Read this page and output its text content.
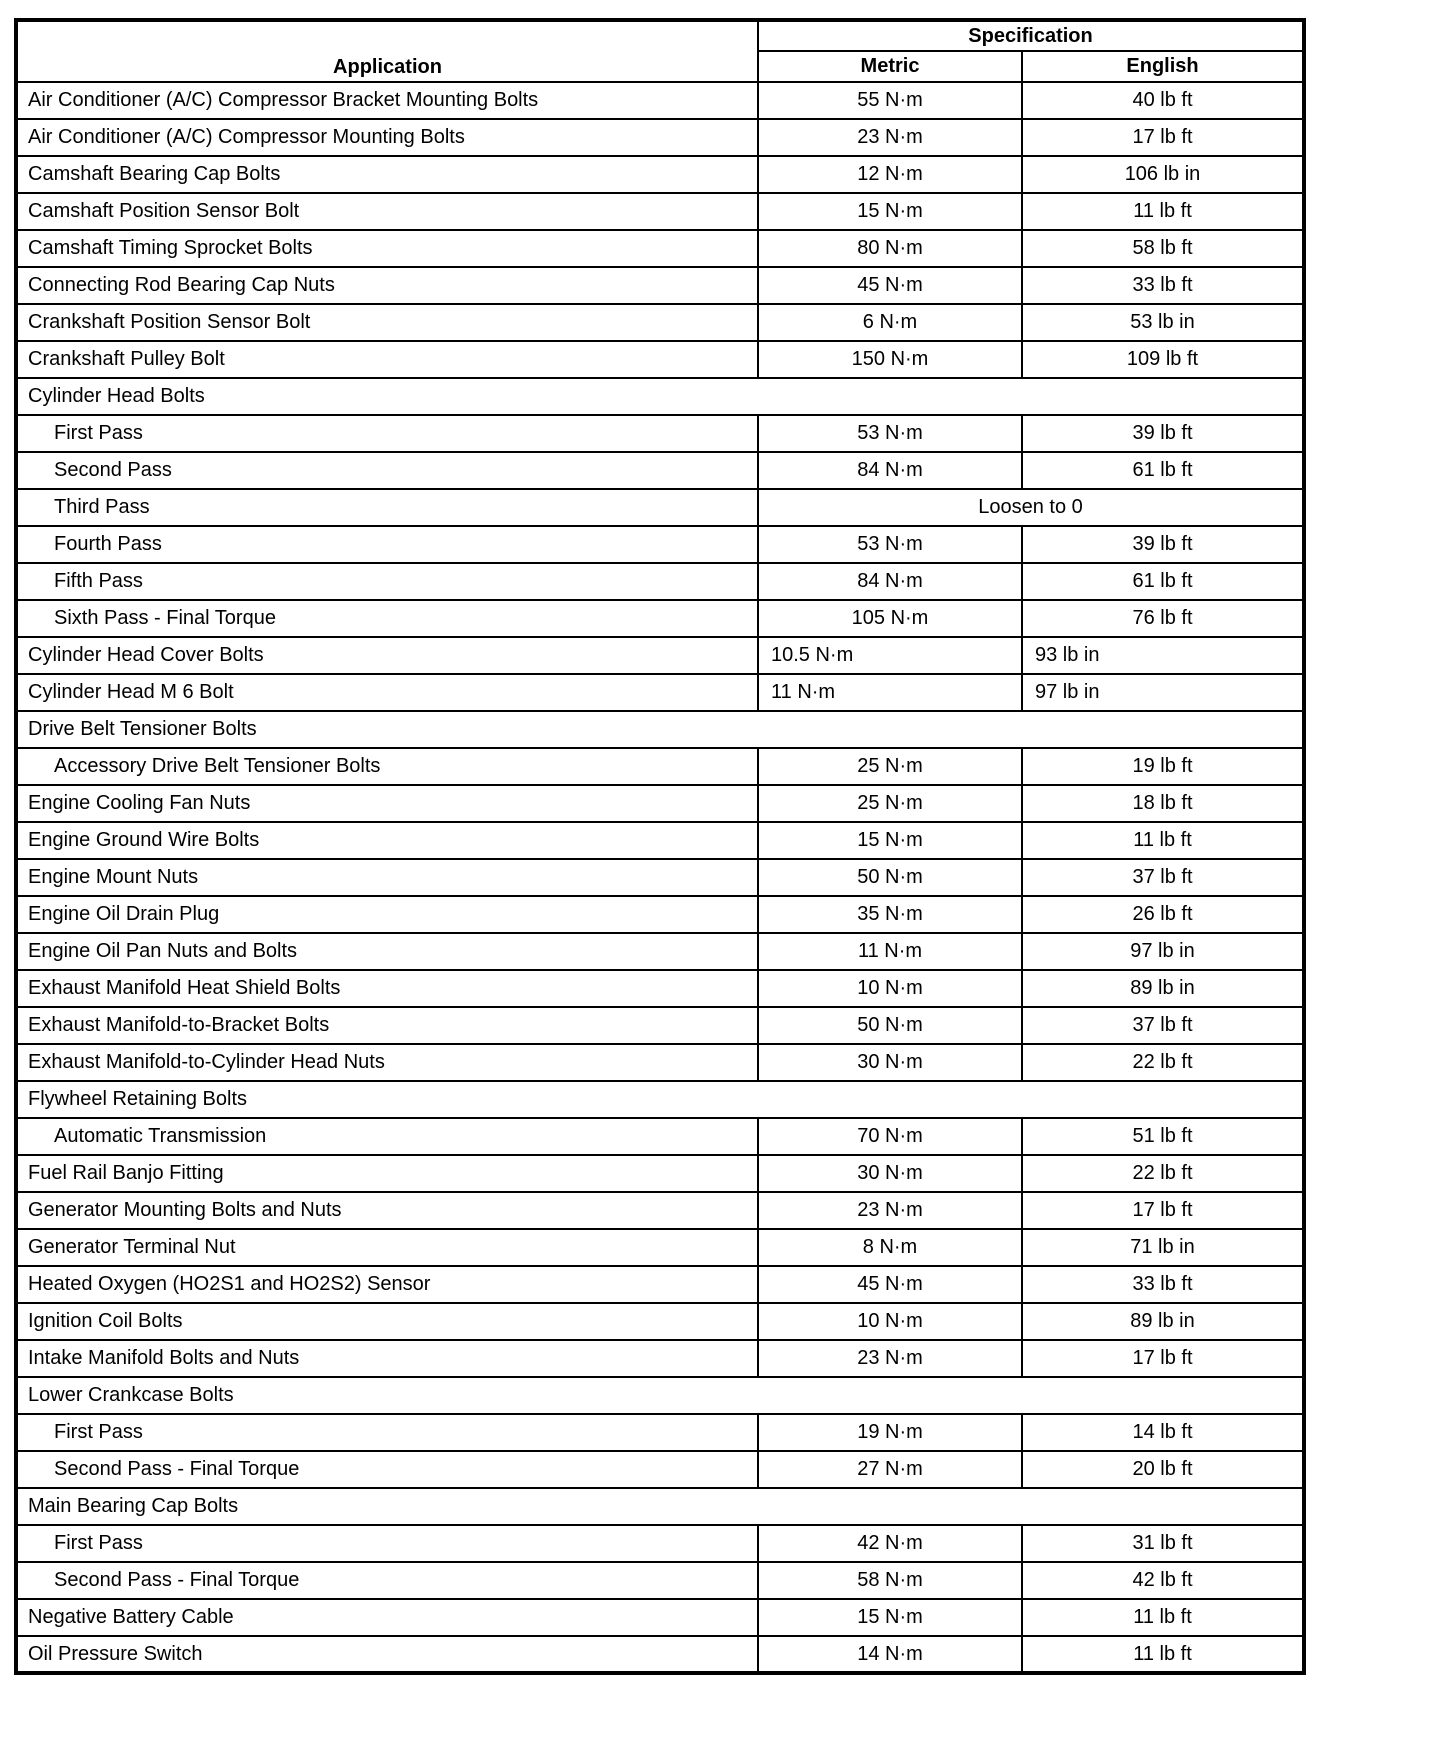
Application	Specification	
	Metric	English
Air Conditioner (A/C) Compressor Bracket Mounting Bolts	55 N·m	40 lb ft
Air Conditioner (A/C) Compressor Mounting Bolts	23 N·m	17 lb ft
Camshaft Bearing Cap Bolts	12 N·m	106 lb in
Camshaft Position Sensor Bolt	15 N·m	11 lb ft
Camshaft Timing Sprocket Bolts	80 N·m	58 lb ft
Connecting Rod Bearing Cap Nuts	45 N·m	33 lb ft
Crankshaft Position Sensor Bolt	6 N·m	53 lb in
Crankshaft Pulley Bolt	150 N·m	109 lb ft
Cylinder Head Bolts		
First Pass	53 N·m	39 lb ft
Second Pass	84 N·m	61 lb ft
Third Pass	Loosen to 0	
Fourth Pass	53 N·m	39 lb ft
Fifth Pass	84 N·m	61 lb ft
Sixth Pass - Final Torque	105 N·m	76 lb ft
Cylinder Head Cover Bolts	10.5 N·m	93 lb in
Cylinder Head M 6 Bolt	11 N·m	97 lb in
Drive Belt Tensioner Bolts		
Accessory Drive Belt Tensioner Bolts	25 N·m	19 lb ft
Engine Cooling Fan Nuts	25 N·m	18 lb ft
Engine Ground Wire Bolts	15 N·m	11 lb ft
Engine Mount Nuts	50 N·m	37 lb ft
Engine Oil Drain Plug	35 N·m	26 lb ft
Engine Oil Pan Nuts and Bolts	11 N·m	97 lb in
Exhaust Manifold Heat Shield Bolts	10 N·m	89 lb in
Exhaust Manifold-to-Bracket Bolts	50 N·m	37 lb ft
Exhaust Manifold-to-Cylinder Head Nuts	30 N·m	22 lb ft
Flywheel Retaining Bolts		
Automatic Transmission	70 N·m	51 lb ft
Fuel Rail Banjo Fitting	30 N·m	22 lb ft
Generator Mounting Bolts and Nuts	23 N·m	17 lb ft
Generator Terminal Nut	8 N·m	71 lb in
Heated Oxygen (HO2S1 and HO2S2) Sensor	45 N·m	33 lb ft
Ignition Coil Bolts	10 N·m	89 lb in
Intake Manifold Bolts and Nuts	23 N·m	17 lb ft
Lower Crankcase Bolts		
First Pass	19 N·m	14 lb ft
Second Pass - Final Torque	27 N·m	20 lb ft
Main Bearing Cap Bolts		
First Pass	42 N·m	31 lb ft
Second Pass - Final Torque	58 N·m	42 lb ft
Negative Battery Cable	15 N·m	11 lb ft
Oil Pressure Switch	14 N·m	11 lb ft
